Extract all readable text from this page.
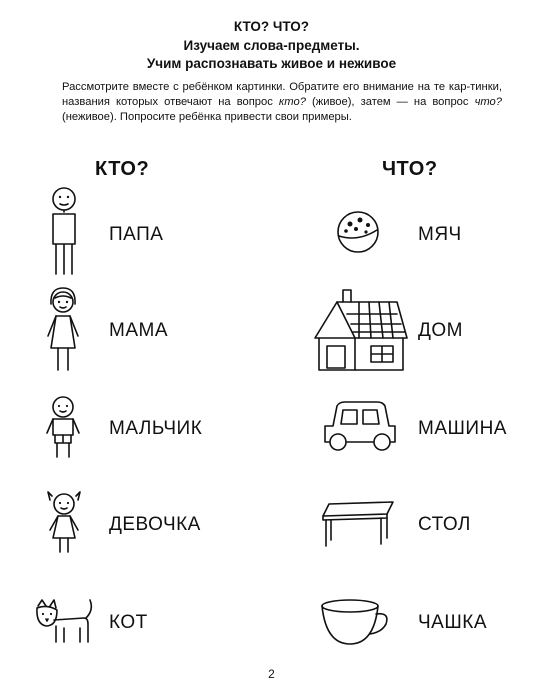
КТО? ЧТО?
Изучаем слова-предметы.
Учим распознавать живое и неживое
Рассмотрите вместе с ребёнком картинки. Обратите его внимание на те кар-тинки, названия которых отвечают на вопрос кто? (живое), затем — на вопрос что? (неживое). Попросите ребёнка привести свои примеры.
КТО?	ЧТО?
ПАПА
МАМА
МАЛЬЧИК
ДЕВОЧКА
КОТ
МЯЧ
ДОМ
МАШИНА
СТОЛ
ЧАШКА
2
